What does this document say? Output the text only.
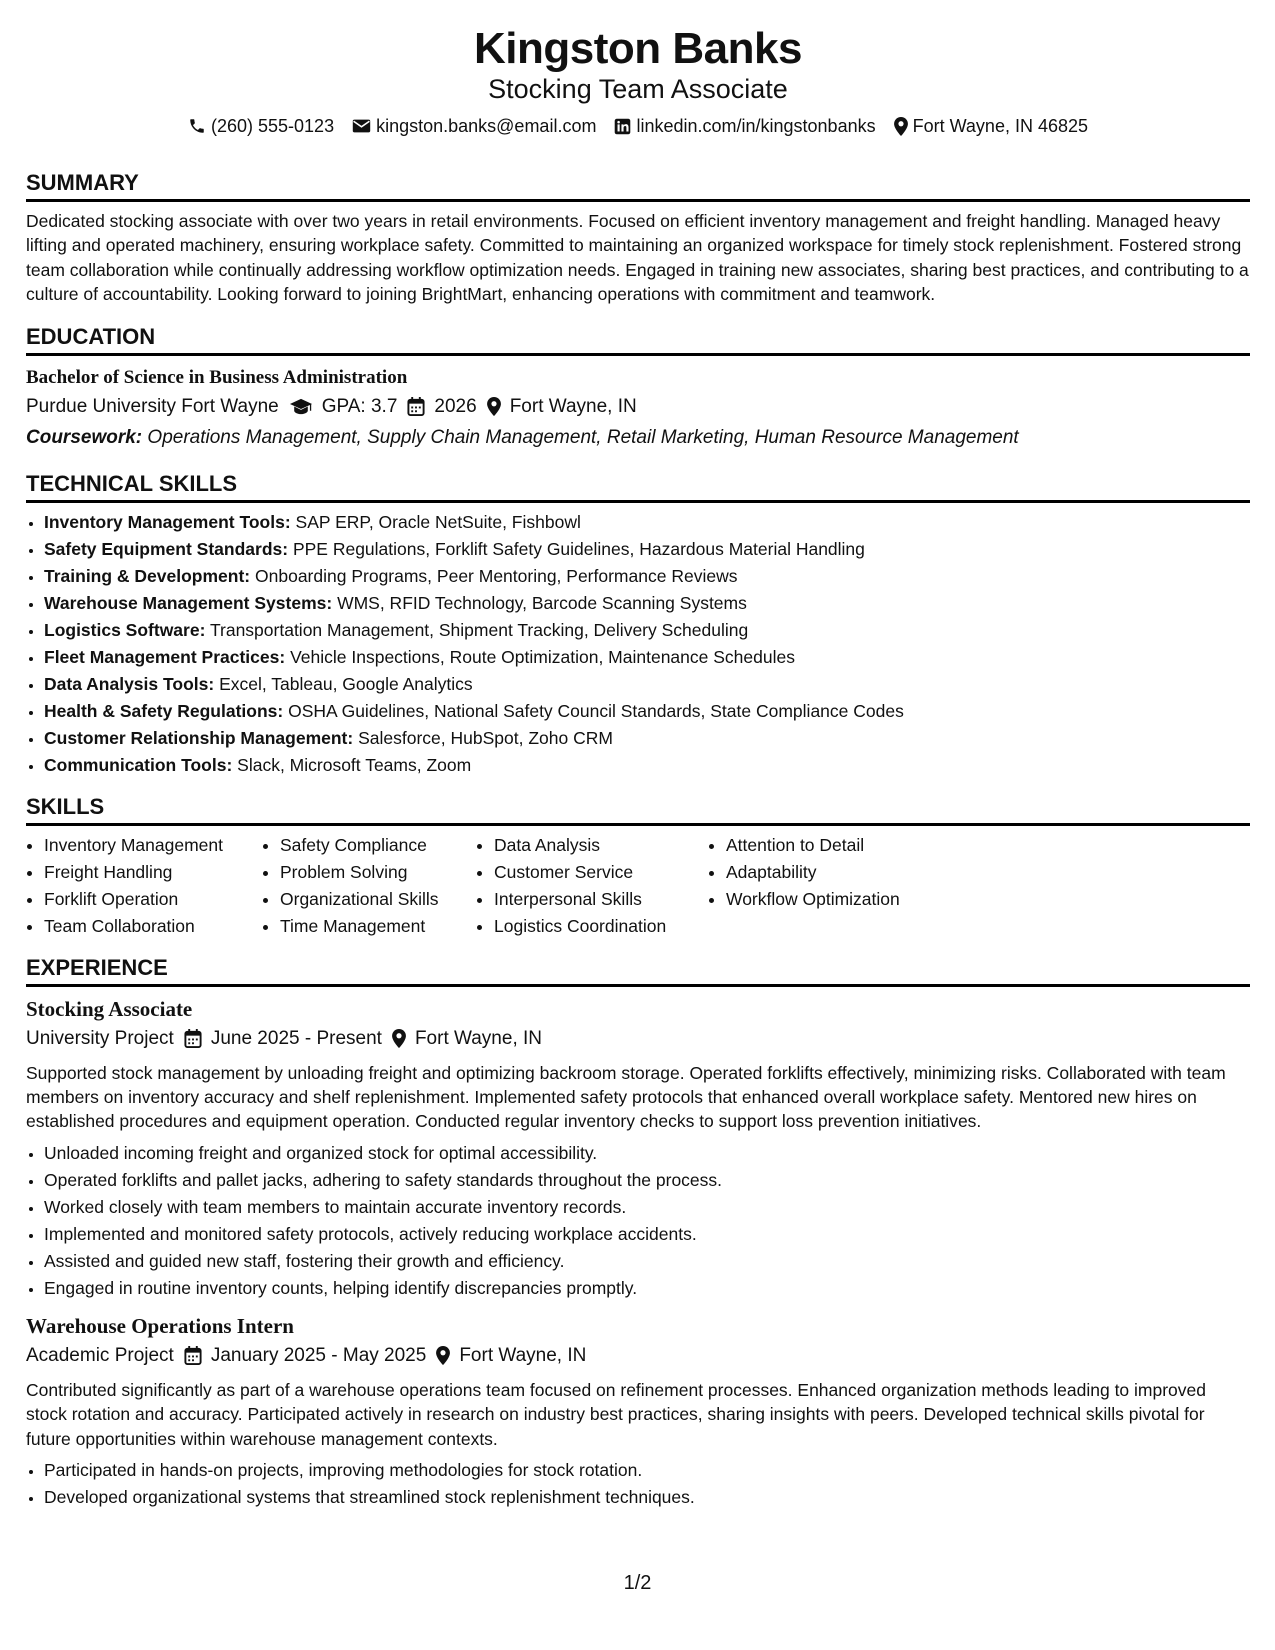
Kingston Banks
Stocking Team Associate
(260) 555-0123 kingston.banks@email.com linkedin.com/in/kingstonbanks Fort Wayne, IN 46825
SUMMARY
Dedicated stocking associate with over two years in retail environments. Focused on efficient inventory management and freight handling. Managed heavy lifting and operated machinery, ensuring workplace safety. Committed to maintaining an organized workspace for timely stock replenishment. Fostered strong team collaboration while continually addressing workflow optimization needs. Engaged in training new associates, sharing best practices, and contributing to a culture of accountability. Looking forward to joining BrightMart, enhancing operations with commitment and teamwork.
EDUCATION
Bachelor of Science in Business Administration
Purdue University Fort Wayne GPA: 3.7 2026 Fort Wayne, IN
Coursework: Operations Management, Supply Chain Management, Retail Marketing, Human Resource Management
TECHNICAL SKILLS
• Inventory Management Tools: SAP ERP, Oracle NetSuite, Fishbowl
• Safety Equipment Standards: PPE Regulations, Forklift Safety Guidelines, Hazardous Material Handling
• Training & Development: Onboarding Programs, Peer Mentoring, Performance Reviews
• Warehouse Management Systems: WMS, RFID Technology, Barcode Scanning Systems
• Logistics Software: Transportation Management, Shipment Tracking, Delivery Scheduling
• Fleet Management Practices: Vehicle Inspections, Route Optimization, Maintenance Schedules
• Data Analysis Tools: Excel, Tableau, Google Analytics
• Health & Safety Regulations: OSHA Guidelines, National Safety Council Standards, State Compliance Codes
• Customer Relationship Management: Salesforce, HubSpot, Zoho CRM
• Communication Tools: Slack, Microsoft Teams, Zoom
SKILLS
• Inventory Management
• Freight Handling
• Forklift Operation
• Team Collaboration
• Safety Compliance
• Problem Solving
• Organizational Skills
• Time Management
• Data Analysis
• Customer Service
• Interpersonal Skills
• Logistics Coordination
• Attention to Detail
• Adaptability
• Workflow Optimization
EXPERIENCE
Stocking Associate
University Project June 2025 - Present Fort Wayne, IN
Supported stock management by unloading freight and optimizing backroom storage. Operated forklifts effectively, minimizing risks. Collaborated with team members on inventory accuracy and shelf replenishment. Implemented safety protocols that enhanced overall workplace safety. Mentored new hires on established procedures and equipment operation. Conducted regular inventory checks to support loss prevention initiatives.
• Unloaded incoming freight and organized stock for optimal accessibility.
• Operated forklifts and pallet jacks, adhering to safety standards throughout the process.
• Worked closely with team members to maintain accurate inventory records.
• Implemented and monitored safety protocols, actively reducing workplace accidents.
• Assisted and guided new staff, fostering their growth and efficiency.
• Engaged in routine inventory counts, helping identify discrepancies promptly.
Warehouse Operations Intern
Academic Project January 2025 - May 2025 Fort Wayne, IN
Contributed significantly as part of a warehouse operations team focused on refinement processes. Enhanced organization methods leading to improved stock rotation and accuracy. Participated actively in research on industry best practices, sharing insights with peers. Developed technical skills pivotal for future opportunities within warehouse management contexts.
• Participated in hands-on projects, improving methodologies for stock rotation.
• Developed organizational systems that streamlined stock replenishment techniques.
1/2
